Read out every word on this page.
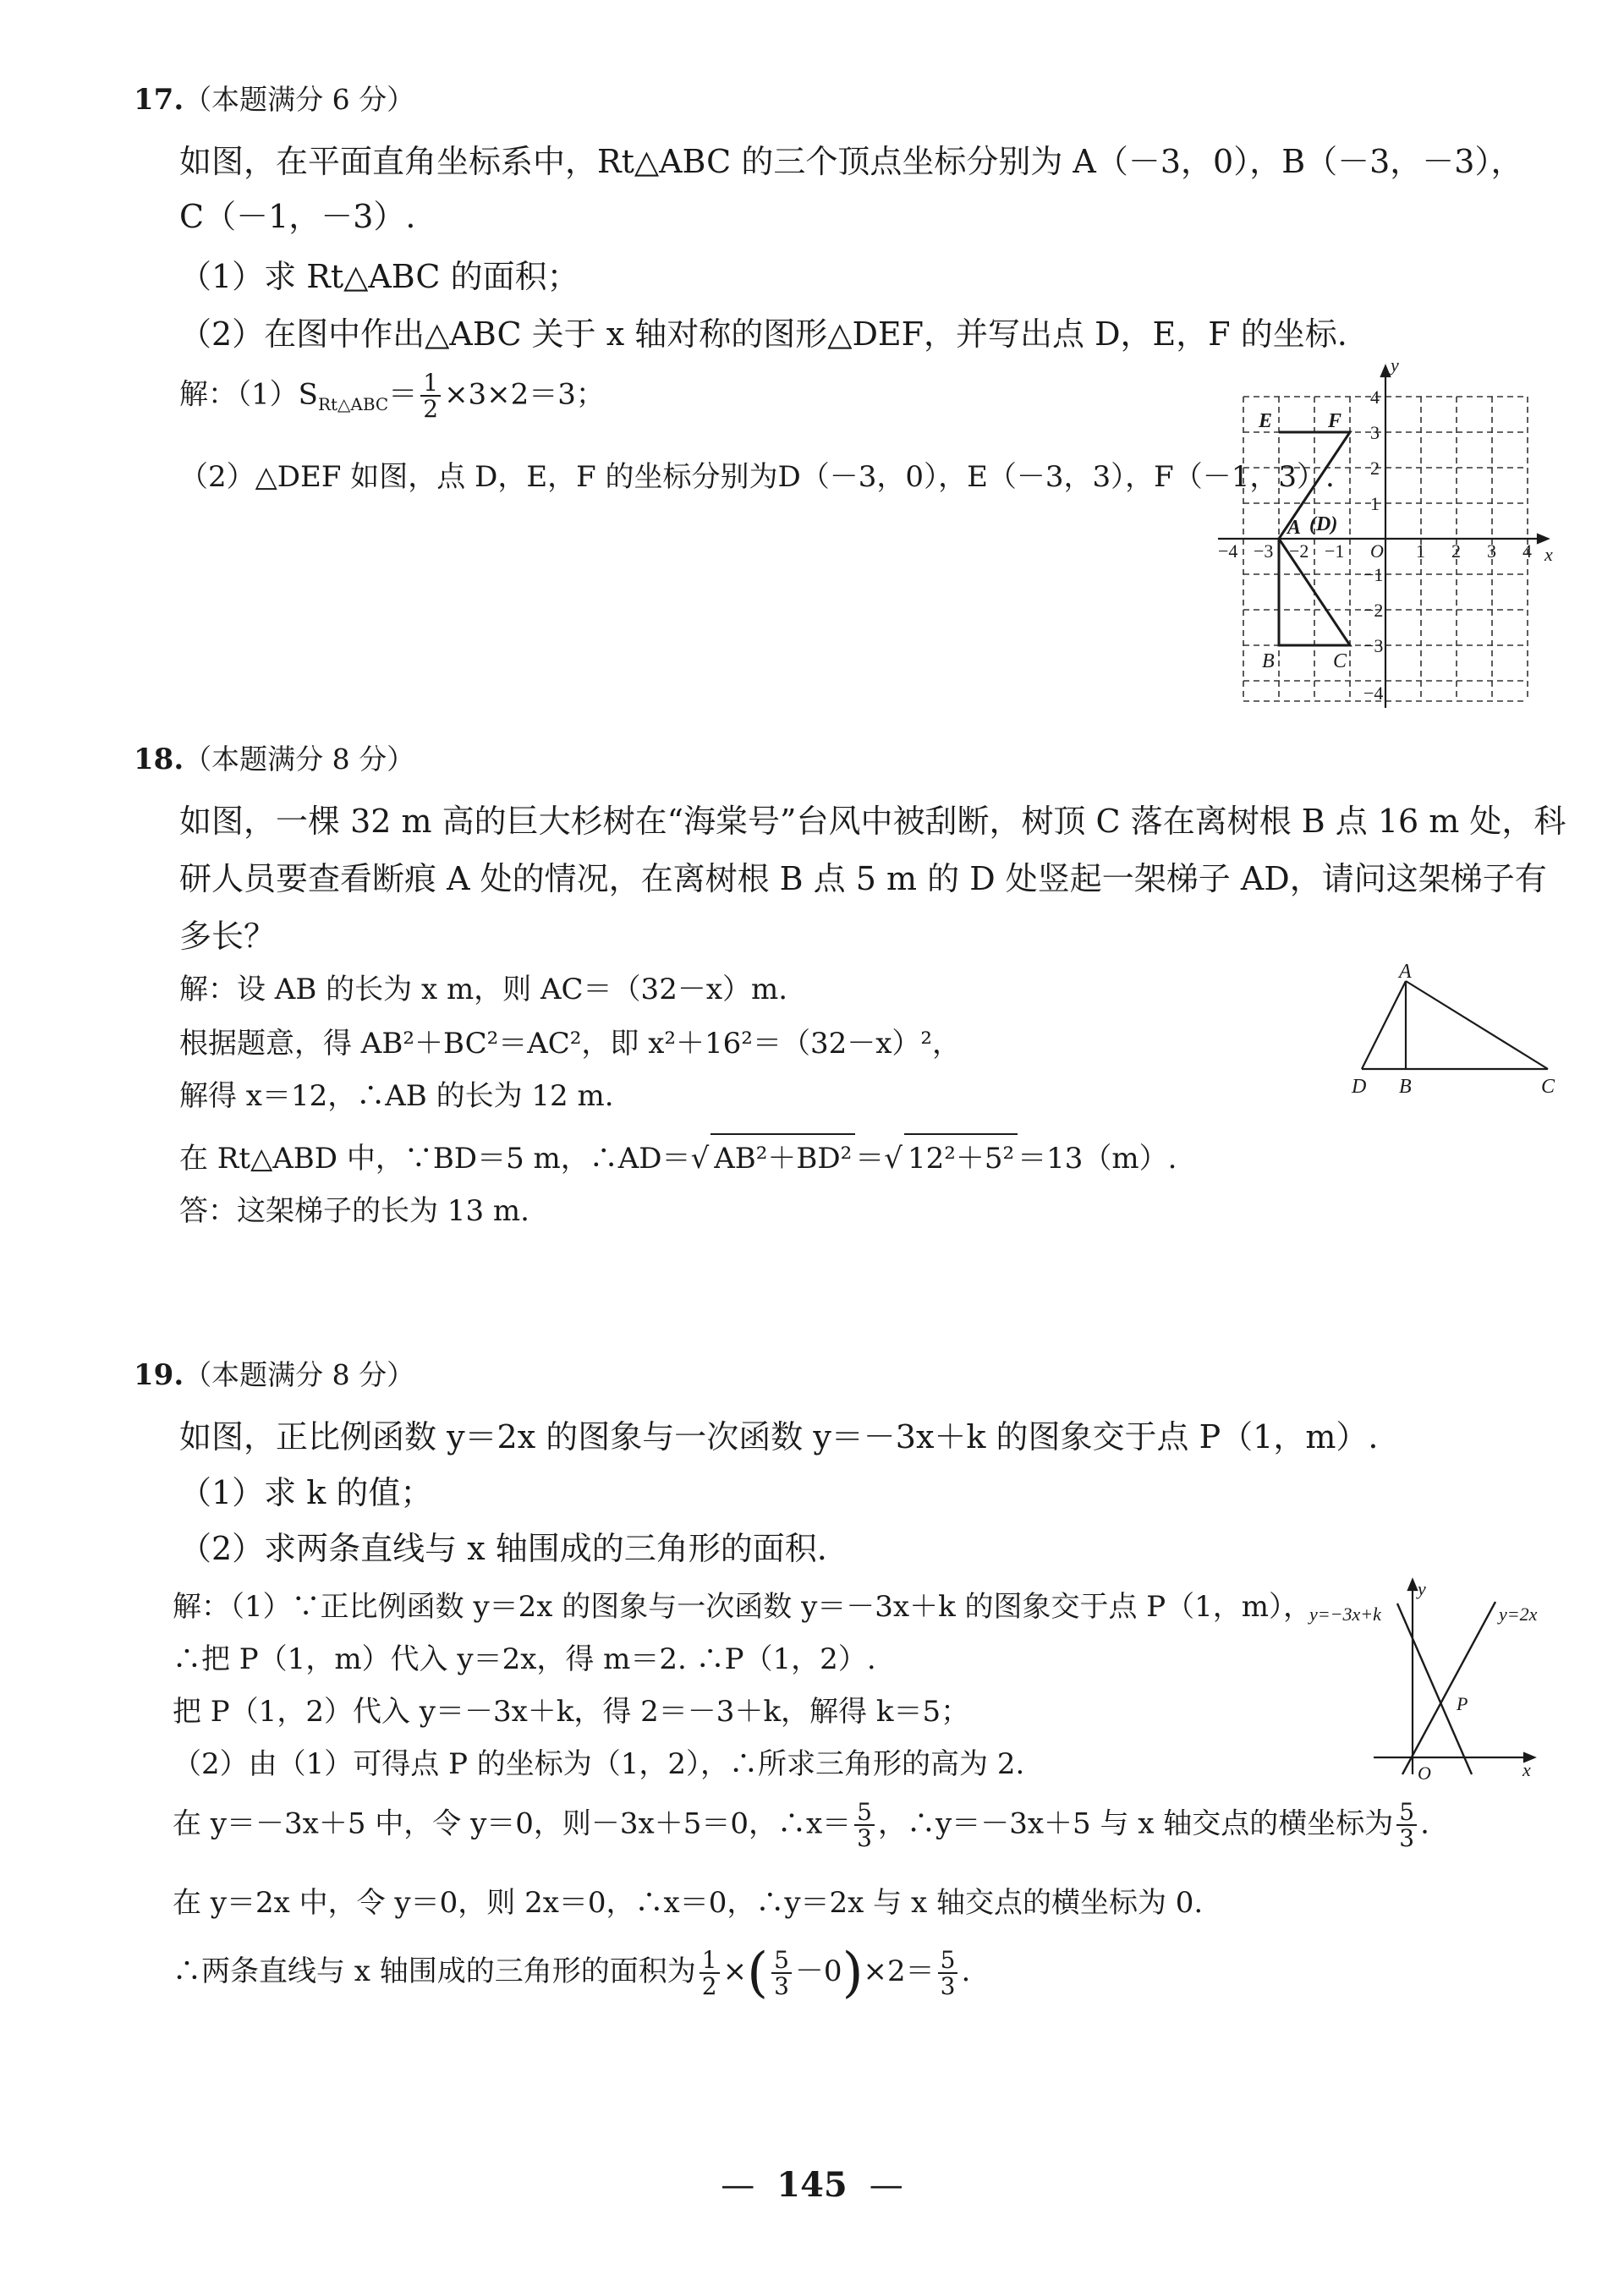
17.（本题满分 6 分）
如图，在平面直角坐标系中，Rt△ABC 的三个顶点坐标分别为 A（－3，0），B（－3，－3），
C（－1，－3）.
（1）求 Rt△ABC 的面积；
（2）在图中作出△ABC 关于 x 轴对称的图形△DEF，并写出点 D，E，F 的坐标.
解：$(1)S_{Rt\triangle ABC}= \frac{1}{2} \times 3\times 2=3$；
（2）△DEF 如图，点 D，E，F 的坐标分别为D（－3，0），E（－3，3），F（－1，3）.
y
x
O
−4 −3 −2 −1	1 2 3 4
4
3
2
1
−1
−2
−3
−4
E	F
A (D)
B	C
18.（本题满分 8 分）
如图，一棵 32 m 高的巨大杉树在“海棠号”台风中被刮断，树顶 C 落在离树根 B 点 16 m 处，科
研人员要查看断痕 A 处的情况，在离树根 B 点 5 m 的 D 处竖起一架梯子 AD，请问这架梯子有
多长？
解：设 AB 的长为 x m，则 AC＝（32－x）m.
根据题意，得 AB²＋BC²＝AC²，即 x²＋16²＝（32－x）²，
解得 x＝12，∴AB 的长为 12 m.
在 Rt△ABD 中，∵BD＝5 m，∴AD＝√ AB²＋BD² ＝√ 12²＋5² ＝13（m）.
答：这架梯子的长为 13 m.
A
D B	C
19.（本题满分 8 分）
如图，正比例函数 y＝2x 的图象与一次函数 y＝－3x＋k 的图象交于点 P（1，m）.
（1）求 k 的值；
（2）求两条直线与 x 轴围成的三角形的面积.
解：（1）∵正比例函数 y＝2x 的图象与一次函数 y＝－3x＋k 的图象交于点 P（1，m），
∴把 P（1，m）代入 y＝2x，得 m＝2. ∴P（1，2）.
把 P（1，2）代入 y＝－3x＋k，得 2＝－3＋k，解得 k＝5；
（2）由（1）可得点 P 的坐标为（1，2），∴所求三角形的高为 2.
在 y＝－3x＋5 中，令 y＝0，则－3x＋5＝0，∴x＝ $\frac{5}{3}$ ，∴y＝－3x＋5 与 x 轴交点的横坐标为 $\frac{5}{3}$ .
在 y＝2x 中，令 y＝0，则 2x＝0，∴x＝0，∴y＝2x 与 x 轴交点的横坐标为 0.
∴两条直线与 x 轴围成的三角形的面积为 $\frac{1}{2}$ ×( $\frac{5}{3} -0)\times 2= \frac{5}{3}$ .
y=−3x+k	y=2x
y
x
O
P
— 145 —
